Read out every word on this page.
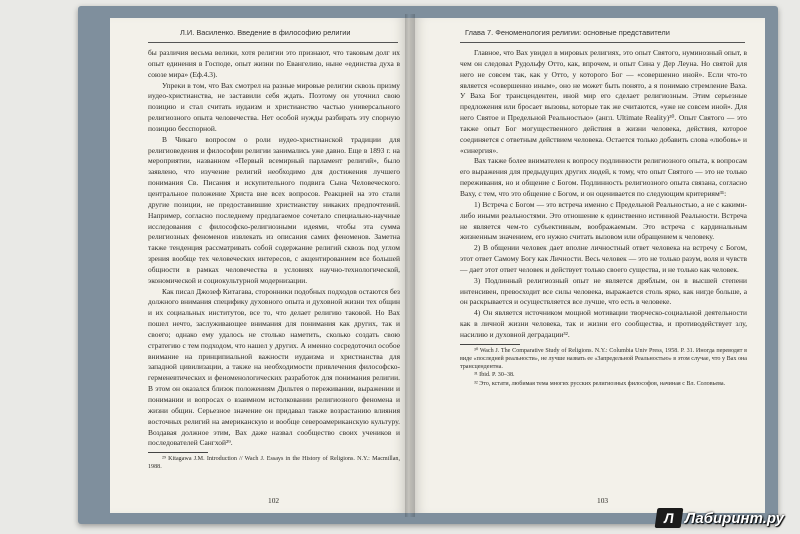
Л.И. Василенко. Введение в философию религии

бы различия весьма велики, хотя религии это признают, что таковым долг их опыт единения в Господе, опыт жизни по Евангелию, ныне «единства духа в союзе мира» (Еф.4.3).

Упреки в том, что Вах смотрел на разные мировые религии сквозь призму иудео-христианства, не заставили себя ждать. Поэтому он уточнил свою позицию и стал считать иудаизм и христианство частью универсального религиозного опыта человечества. Нет особой нужды разбирать эту спорную позицию бесспорной.

В Чикаго вопросом о роли иудео-христианской традиции для религиоведения и философии религии занимались уже давно. Еще в 1893 г. на мероприятии, названном «Первый всемирный парламент религий», было заявлено, что изучение религий необходимо для достижения лучшего понимания Св. Писания и искупительного подвига Сына Человеческого. центральное положение Христа вне всех вопросов. Реакцией на это стали другие позиции, не предоставившие христианству никаких предпочтений. Например, согласно последнему предлагаемое сочетало специально-научные исследования с философско-религиозными идеями, чтобы эта сумма религиозных феноменов извлекать из описания самих феноменов. Заметна также тенденция рассматривать собой содержание религий сквозь под углом зрения вообще тех человеческих интересов, с акцентированием все большей общности в рамках человечества в условиях научно-технологической, экономической и социокультурной модернизации.

Как писал Джозеф Китагава, сторонники подобных подходов остаются без должного внимания специфику духовного опыта и духовной жизни тех общин и их социальных институтов, все то, что делает религию таковой. Но Вах пошел нечто, заслуживающее внимания для понимания как других, так и своего; однако ему удалось не столько наметить, сколько создать свою стратегию с тем подходом, что нашел у других. А именно сосредоточил особое внимание на принципиальной важности иудаизма и христианства для западной цивилизации, а также на необходимости привлечения философско-герменевтических и феноменологических разработок для понимания религии. В этом он оказался близок положениям Дильтея о переживании, выражении и понимании и вопросах о взаимном истолковании религиозного феномена и жизни общин. Серьезное значение он придавал также возрастанию влияния восточных религий на американскую и вообще североамериканскую культуру. Воздавая должное этим, Вах даже назвал сообщество своих учеников и последователей Сангхой²⁹.

²⁹ Kitagawa J.M. Introduction // Wach J. Essays in the History of Religions. N.Y.: Macmillan, 1988.

102
Глава 7. Феноменология религии: основные представители

Главное, что Вах увидел в мировых религиях, это опыт Святого, нуминозный опыт, в чем он следовал Рудольфу Отто, как, впрочем, и опыт Сина у Дер Леуна. Но святой для него не совсем так, как у Отто, у которого Бог — «совершенно иной». Если что-то является «совершенно иным», оно не может быть понято, а я понимаю стремление Ваха. У Ваха Бог трансцендентен, иной мир его сделает религиозным. Этим серьезные предложения или бросает вызовы, которые так же считаются, «уже не совсем иной». Для него Святое и Предельной Реальностью» (англ. Ultimate Reality)³⁰. Опыт Святого — это также опыт Бог могущественного действия в жизни человека, действия, которое соединяется с ответным действием человека. Остается только добавить слова «любовь» и «синергия».

Вах также более внимателен к вопросу подлинности религиозного опыта, к вопросам его выражения для предыдущих других людей, к тому, что опыт Святого — это не только переживания, но и общение с Богом. Подлинность религиозного опыта связана, согласно Ваху, с тем, что это общение с Богом, и он оценивается по следующим критериям³¹:

1) Встреча с Богом — это встреча именно с Предельной Реальностью, а не с какими-либо иными реальностями. Это отношение к единственно истинной Реальности. Встреча не является чем-то субъективным, воображаемым. Это встреча с кардинальным жизненным значением, его нужно считать вызовом или обращением к человеку.

2) В общении человек дает вполне личностный ответ человека на встречу с Богом, этот ответ Самому Богу как Личности. Весь человек — это не только разум, воля и чувств — дает этот ответ человек и действует только своего существа, и не только как человек.

3) Подлинный религиозный опыт не является дряблым, он в высшей степени интенсивен, превосходит все силы человека, выражается столь ярко, как нигде больше, а он раскрывается и осуществляется все лучше, что есть в человеке.

4) Он является источником мощной мотивации творческо-социальной деятельности как в личной жизни человека, так и жизни его сообщества, и противодействует злу, насилию и духовной деградации³².

³⁰ Wach J. The Comparative Study of Religions. N.Y.: Columbia Univ Press, 1958. P. 31. Иногда переводят в виде «последней реальности», не лучше назвать ее «Запредельной Реальностью» в этом случае, что у Вах она трансцендентна.

³¹ Ibid. P. 30–38.

³² Это, кстати, любимая тема многих русских религиозных философов, начиная с Вл. Соловьева.

103
Л Лабиринт.ру
